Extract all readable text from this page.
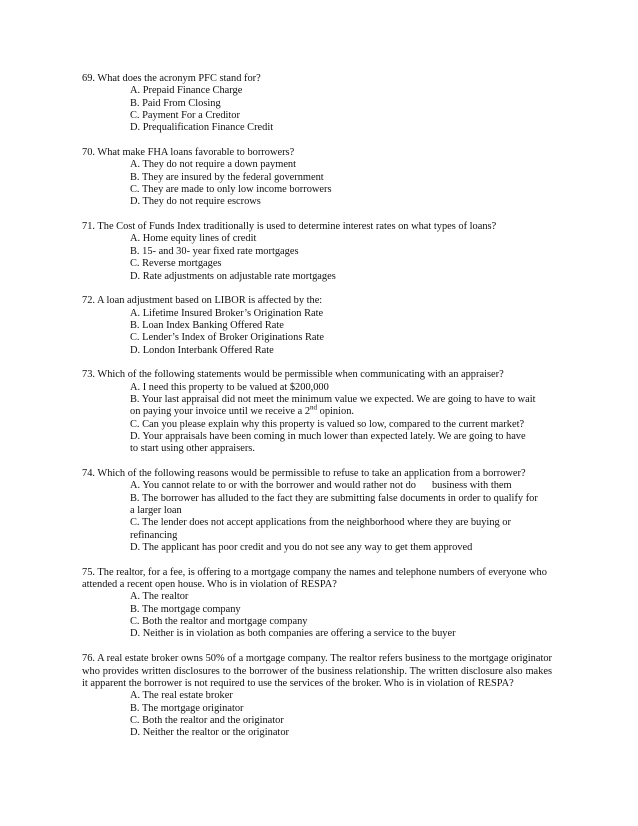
69. What does the acronym PFC stand for?

A. Prepaid Finance Charge

B. Paid From Closing

C. Payment For a Creditor

D. Prequalification Finance Credit

70. What make FHA loans favorable to borrowers?

A. They do not require a down payment

B. They are insured by the federal government

C. They are made to only low income borrowers

D. They do not require escrows

71. The Cost of Funds Index traditionally is used to determine interest rates on what types of loans?

A. Home equity lines of credit

B. 15- and 30- year fixed rate mortgages

C. Reverse mortgages

D. Rate adjustments on adjustable rate mortgages

72. A loan adjustment based on LIBOR is affected by the:

A. Lifetime Insured Broker’s Origination Rate

B. Loan Index Banking Offered Rate

C. Lender’s Index of Broker Originations Rate

D. London Interbank Offered Rate

73. Which of the following statements would be permissible when communicating with an appraiser?

A. I need this property to be valued at $200,000

B. Your last appraisal did not meet the minimum value we expected. We are going to have to wait
on paying your invoice until we receive a 2nd opinion.

C. Can you please explain why this property is valued so low, compared to the current market?

D. Your appraisals have been coming in much lower than expected lately. We are going to have
to start using other appraisers.

74. Which of the following reasons would be permissible to refuse to take an application from a borrower?

A. You cannot relate to or with the borrower and would rather not do business with them

B. The borrower has alluded to the fact they are submitting false documents in order to qualify for
a larger loan

C. The lender does not accept applications from the neighborhood where they are buying or
refinancing

D. The applicant has poor credit and you do not see any way to get them approved

75. The realtor, for a fee, is offering to a mortgage company the names and telephone numbers of everyone who attended a recent open house. Who is in violation of RESPA?

A. The realtor

B. The mortgage company

C. Both the realtor and mortgage company

D. Neither is in violation as both companies are offering a service to the buyer

76. A real estate broker owns 50% of a mortgage company. The realtor refers business to the mortgage originator who provides written disclosures to the borrower of the business relationship. The written disclosure also makes it apparent the borrower is not required to use the services of the broker. Who is in violation of RESPA?

A. The real estate broker

B. The mortgage originator

C. Both the realtor and the originator

D. Neither the realtor or the originator
